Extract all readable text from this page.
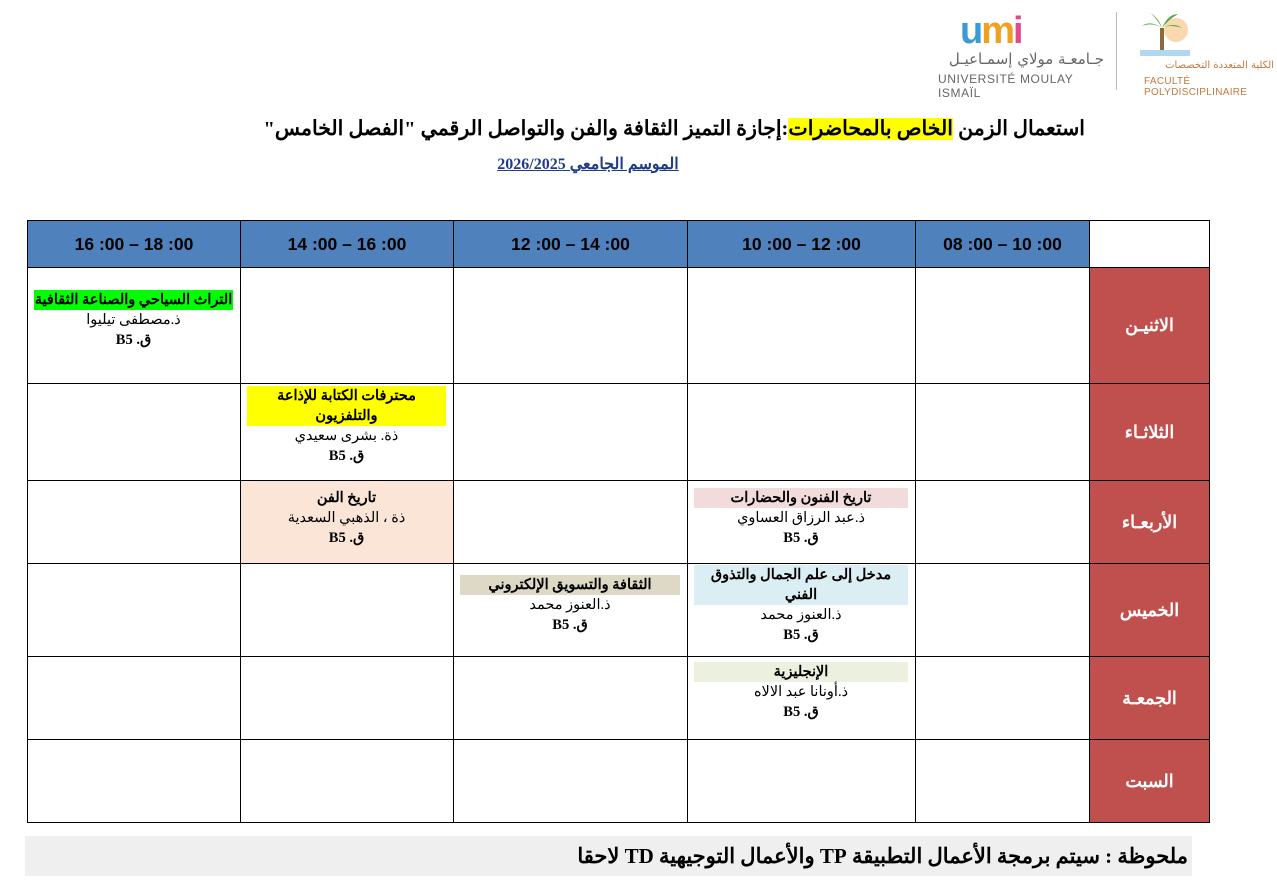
umi
جـامعـة مولاي إسمـاعيـل
UNIVERSITÉ MOULAY ISMAÏL
الكلية المتعددة التخصصات
FACULTÉ POLYDISCIPLINAIRE
استعمال الزمن الخاص بالمحاضرات:إجازة التميز الثقافة والفن والتواصل الرقمي "الفصل الخامس"
الموسم الجامعي 2026/2025
08 :00 – 10 :00
10 :00 – 12 :00
12 :00 – 14 :00
14 :00 – 16 :00
16 :00 – 18 :00
الاثنيـن
الثلاثـاء
الأربعـاء
الخميس
الجمعـة
السبت
التراث السياحي والصناعة الثقافية
ذ.مصطفى تيليوا
ق. B5
محترفات الكتابة للإذاعة والتلفزيون
ذة. بشرى سعيدي
ق. B5
تاريخ الفن
ذة ، الذهبي السعدية
ق. B5
تاريخ الفنون والحضارات
ذ.عبد الرزاق العساوي
ق. B5
الثقافة والتسويق الإلكتروني
ذ.العنوز محمد
ق. B5
مدخل إلى علم الجمال والتذوق الفني
ذ.العنوز محمد
ق. B5
الإنجليزية
ذ.أونانا عبد الالاه
ق. B5
ملحوظة : سيتم برمجة الأعمال التطبيقة TP والأعمال التوجيهية TD لاحقا
